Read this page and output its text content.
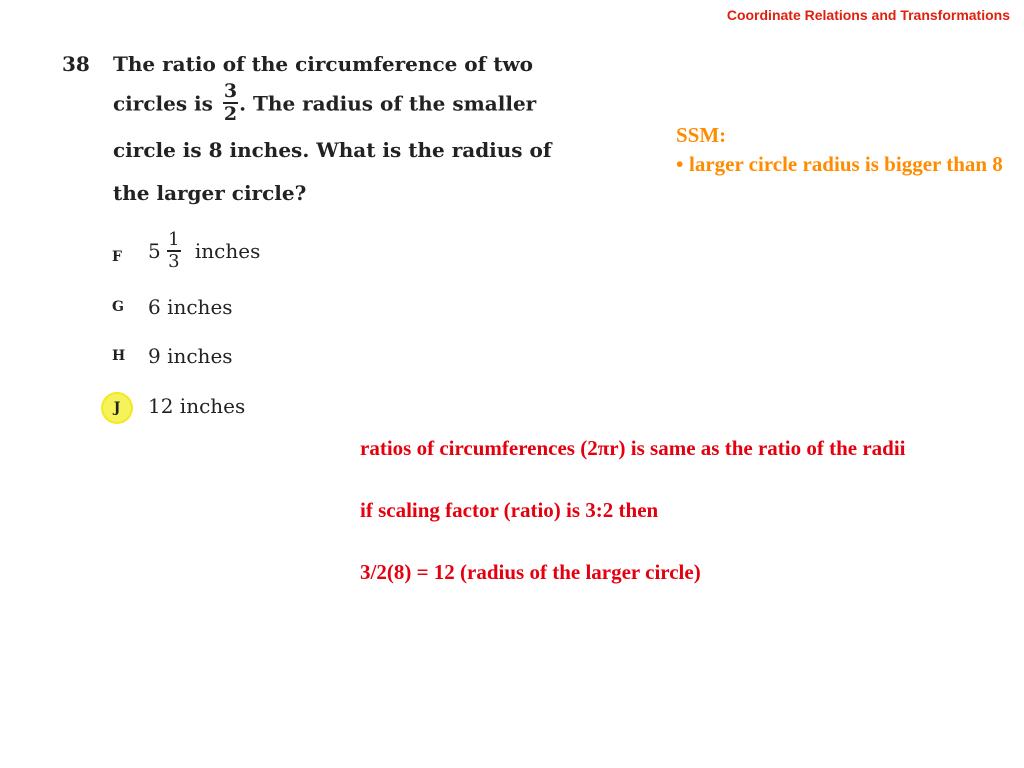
Coordinate Relations and Transformations
38 The ratio of the circumference of two
circles is $\frac{3}{2}$ . The radius of the smaller
circle is 8 inches. What is the radius of
the larger circle?
F $5 \frac{1}{3}$ inches
G 6 inches
H 9 inches
J	12 inches
SSM:
• larger circle radius is bigger than 8

ratios of circumferences (2πr) is same as the ratio of the radii

if scaling factor (ratio) is 3:2 then

3/2(8) = 12 (radius of the larger circle)
